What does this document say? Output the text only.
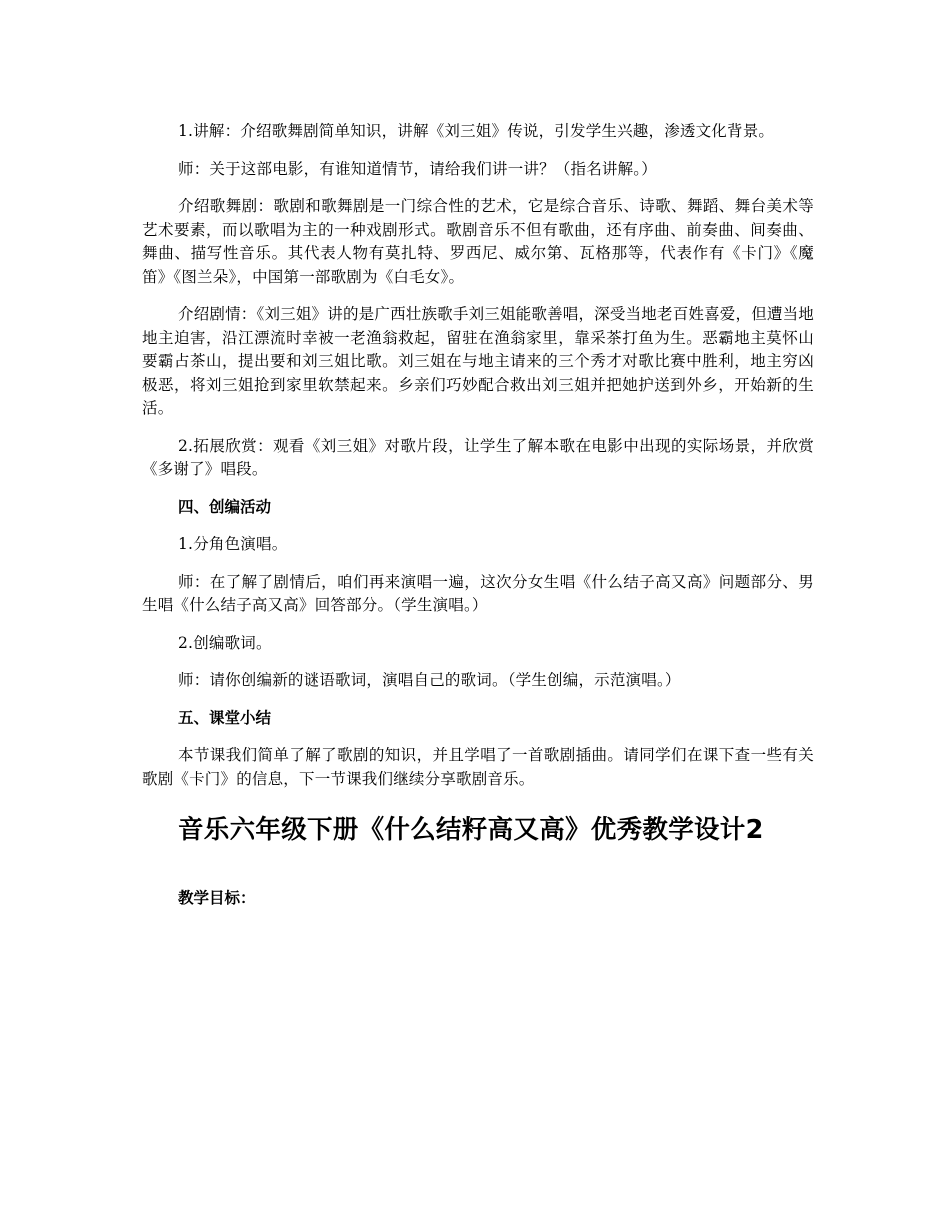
1.讲解：介绍歌舞剧简单知识，讲解《刘三姐》传说，引发学生兴趣，渗透文化背景。

师：关于这部电影，有谁知道情节，请给我们讲一讲？（指名讲解。）

介绍歌舞剧：歌剧和歌舞剧是一门综合性的艺术，它是综合音乐、诗歌、舞蹈、舞台美术等艺术要素，而以歌唱为主的一种戏剧形式。歌剧音乐不但有歌曲，还有序曲、前奏曲、间奏曲、舞曲、描写性音乐。其代表人物有莫扎特、罗西尼、威尔第、瓦格那等，代表作有《卡门》《魔笛》《图兰朵》，中国第一部歌剧为《白毛女》。

介绍剧情：《刘三姐》讲的是广西壮族歌手刘三姐能歌善唱，深受当地老百姓喜爱，但遭当地地主迫害，沿江漂流时幸被一老渔翁救起，留驻在渔翁家里，靠采茶打鱼为生。恶霸地主莫怀山要霸占茶山，提出要和刘三姐比歌。刘三姐在与地主请来的三个秀才对歌比赛中胜利，地主穷凶极恶，将刘三姐抢到家里软禁起来。乡亲们巧妙配合救出刘三姐并把她护送到外乡，开始新的生活。

2.拓展欣赏：观看《刘三姐》对歌片段，让学生了解本歌在电影中出现的实际场景，并欣赏《多谢了》唱段。

四、创编活动

1.分角色演唱。

师：在了解了剧情后，咱们再来演唱一遍，这次分女生唱《什么结子高又高》问题部分、男生唱《什么结子高又高》回答部分。（学生演唱。）

2.创编歌词。

师：请你创编新的谜语歌词，演唱自己的歌词。（学生创编，示范演唱。）

五、课堂小结

本节课我们简单了解了歌剧的知识，并且学唱了一首歌剧插曲。请同学们在课下查一些有关歌剧《卡门》的信息，下一节课我们继续分享歌剧音乐。

音乐六年级下册《什么结籽高又高》优秀教学设计2

教学目标：
